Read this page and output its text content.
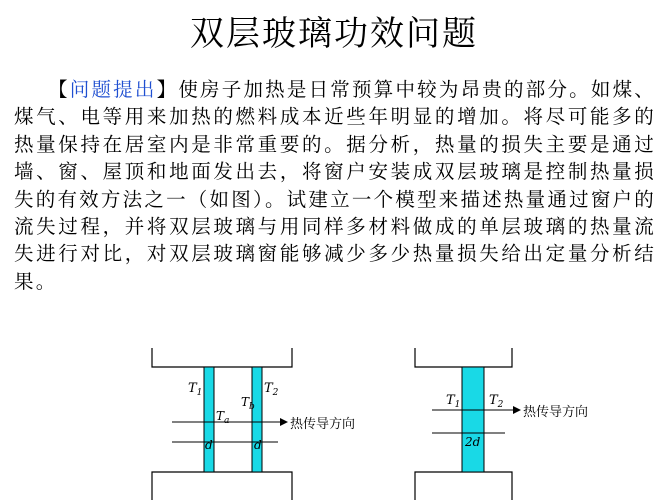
双层玻璃功效问题

【问题提出】使房子加热是日常预算中较为昂贵的部分。如煤、煤气、电等用来加热的燃料成本近些年明显的增加。将尽可能多的热量保持在居室内是非常重要的。据分析，热量的损失主要是通过墙、窗、屋顶和地面发出去，将窗户安装成双层玻璃是控制热量损失的有效方法之一（如图）。试建立一个模型来描述热量通过窗户的流失过程，并将双层玻璃与用同样多材料做成的单层玻璃的热量流失进行对比，对双层玻璃窗能够减少多少热量损失给出定量分析结果。

$T_1$
$T_a$
$T_b$
$T_2$
d	d
热传导方向
$T_1$ $T_2$
2d
热传导方向
